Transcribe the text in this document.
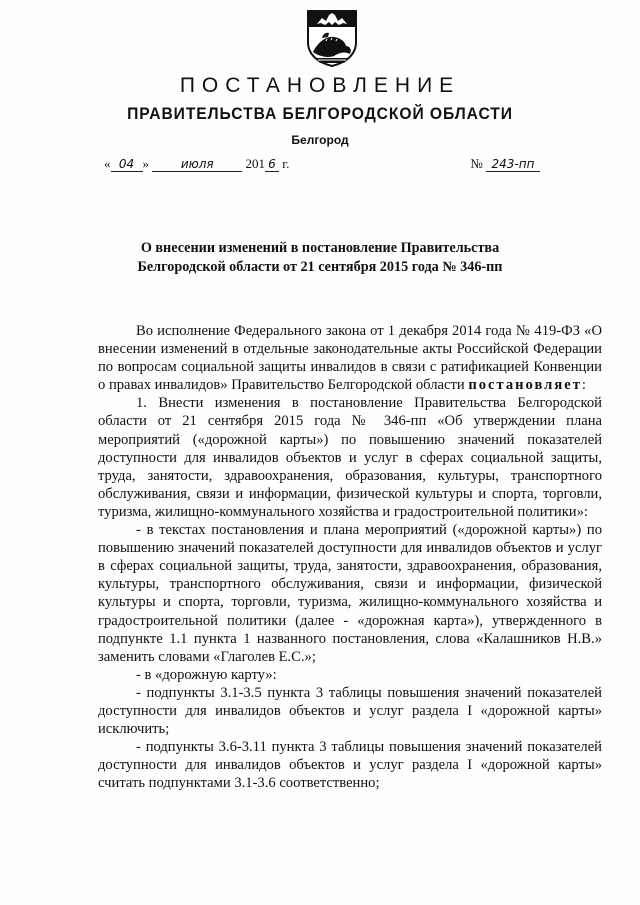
ПОСТАНОВЛЕНИЕ
ПРАВИТЕЛЬСТВА БЕЛГОРОДСКОЙ ОБЛАСТИ
Белгород
« 04 »	июля 201 6 г.	№ 243-пп
О внесении изменений в постановление Правительства
Белгородской области от 21 сентября 2015 года № 346-пп

Во исполнение Федерального закона от 1 декабря 2014 года № 419-ФЗ «О внесении изменений в отдельные законодательные акты Российской Федерации по вопросам социальной защиты инвалидов в связи с ратификацией Конвенции о правах инвалидов» Правительство Белгородской области постановляет:

1. Внести изменения в постановление Правительства Белгородской области от 21 сентября 2015 года № 346-пп «Об утверждении плана мероприятий («дорожной карты») по повышению значений показателей доступности для инвалидов объектов и услуг в сферах социальной защиты, труда, занятости, здравоохранения, образования, культуры, транспортного обслуживания, связи и информации, физической культуры и спорта, торговли, туризма, жилищно-коммунального хозяйства и градостроительной политики»:

- в текстах постановления и плана мероприятий («дорожной карты») по повышению значений показателей доступности для инвалидов объектов и услуг в сферах социальной защиты, труда, занятости, здравоохранения, образования, культуры, транспортного обслуживания, связи и информации, физической культуры и спорта, торговли, туризма, жилищно-коммунального хозяйства и градостроительной политики (далее - «дорожная карта»), утвержденного в подпункте 1.1 пункта 1 названного постановления, слова «Калашников Н.В.» заменить словами «Глаголев Е.С.»;

- в «дорожную карту»:

- подпункты 3.1-3.5 пункта 3 таблицы повышения значений показателей доступности для инвалидов объектов и услуг раздела I «дорожной карты» исключить;

- подпункты 3.6-3.11 пункта 3 таблицы повышения значений показателей доступности для инвалидов объектов и услуг раздела I «дорожной карты» считать подпунктами 3.1-3.6 соответственно;
